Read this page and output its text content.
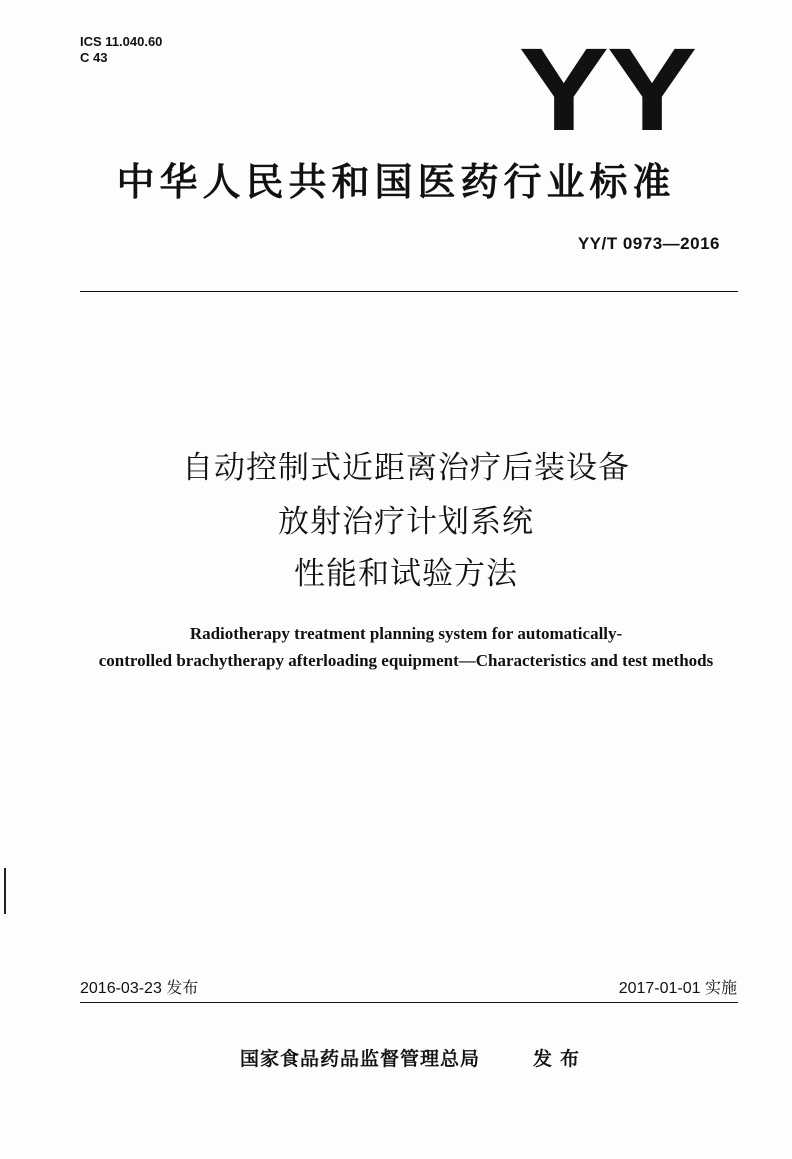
ICS 11.040.60
C 43	YY
中华人民共和国医药行业标准
YY/T 0973—2016
自动控制式近距离治疗后装设备
放射治疗计划系统
性能和试验方法
Radiotherapy treatment planning system for automatically-
controlled brachytherapy afterloading equipment—Characteristics and test methods
2016-03-23 发布	2017-01-01 实施
国家食品药品监督管理总局	发布
